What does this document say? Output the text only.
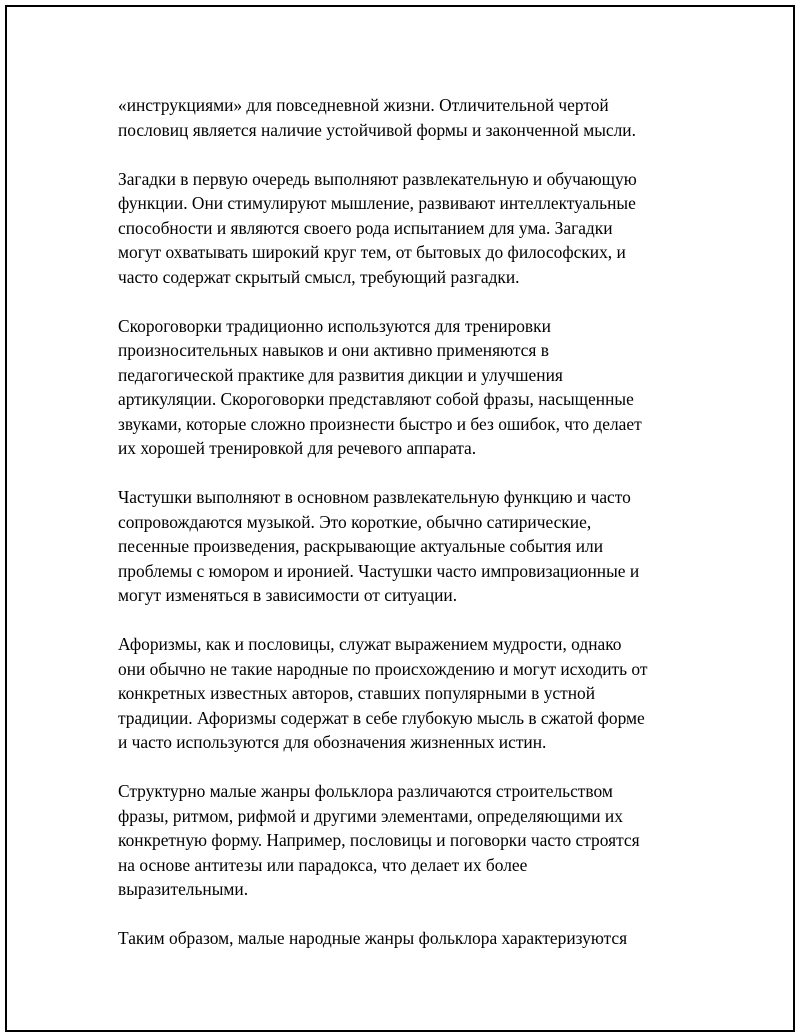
«инструкциями» для повседневной жизни. Отличительной чертой
пословиц является наличие устойчивой формы и законченной мысли.

Загадки в первую очередь выполняют развлекательную и обучающую
функции. Они стимулируют мышление, развивают интеллектуальные
способности и являются своего рода испытанием для ума. Загадки
могут охватывать широкий круг тем, от бытовых до философских, и
часто содержат скрытый смысл, требующий разгадки.

Скороговорки традиционно используются для тренировки
произносительных навыков и они активно применяются в
педагогической практике для развития дикции и улучшения
артикуляции. Скороговорки представляют собой фразы, насыщенные
звуками, которые сложно произнести быстро и без ошибок, что делает
их хорошей тренировкой для речевого аппарата.

Частушки выполняют в основном развлекательную функцию и часто
сопровождаются музыкой. Это короткие, обычно сатирические,
песенные произведения, раскрывающие актуальные события или
проблемы с юмором и иронией. Частушки часто импровизационные и
могут изменяться в зависимости от ситуации.

Афоризмы, как и пословицы, служат выражением мудрости, однако
они обычно не такие народные по происхождению и могут исходить от
конкретных известных авторов, ставших популярными в устной
традиции. Афоризмы содержат в себе глубокую мысль в сжатой форме
и часто используются для обозначения жизненных истин.

Структурно малые жанры фольклора различаются строительством
фразы, ритмом, рифмой и другими элементами, определяющими их
конкретную форму. Например, пословицы и поговорки часто строятся
на основе антитезы или парадокса, что делает их более
выразительными.

Таким образом, малые народные жанры фольклора характеризуются
